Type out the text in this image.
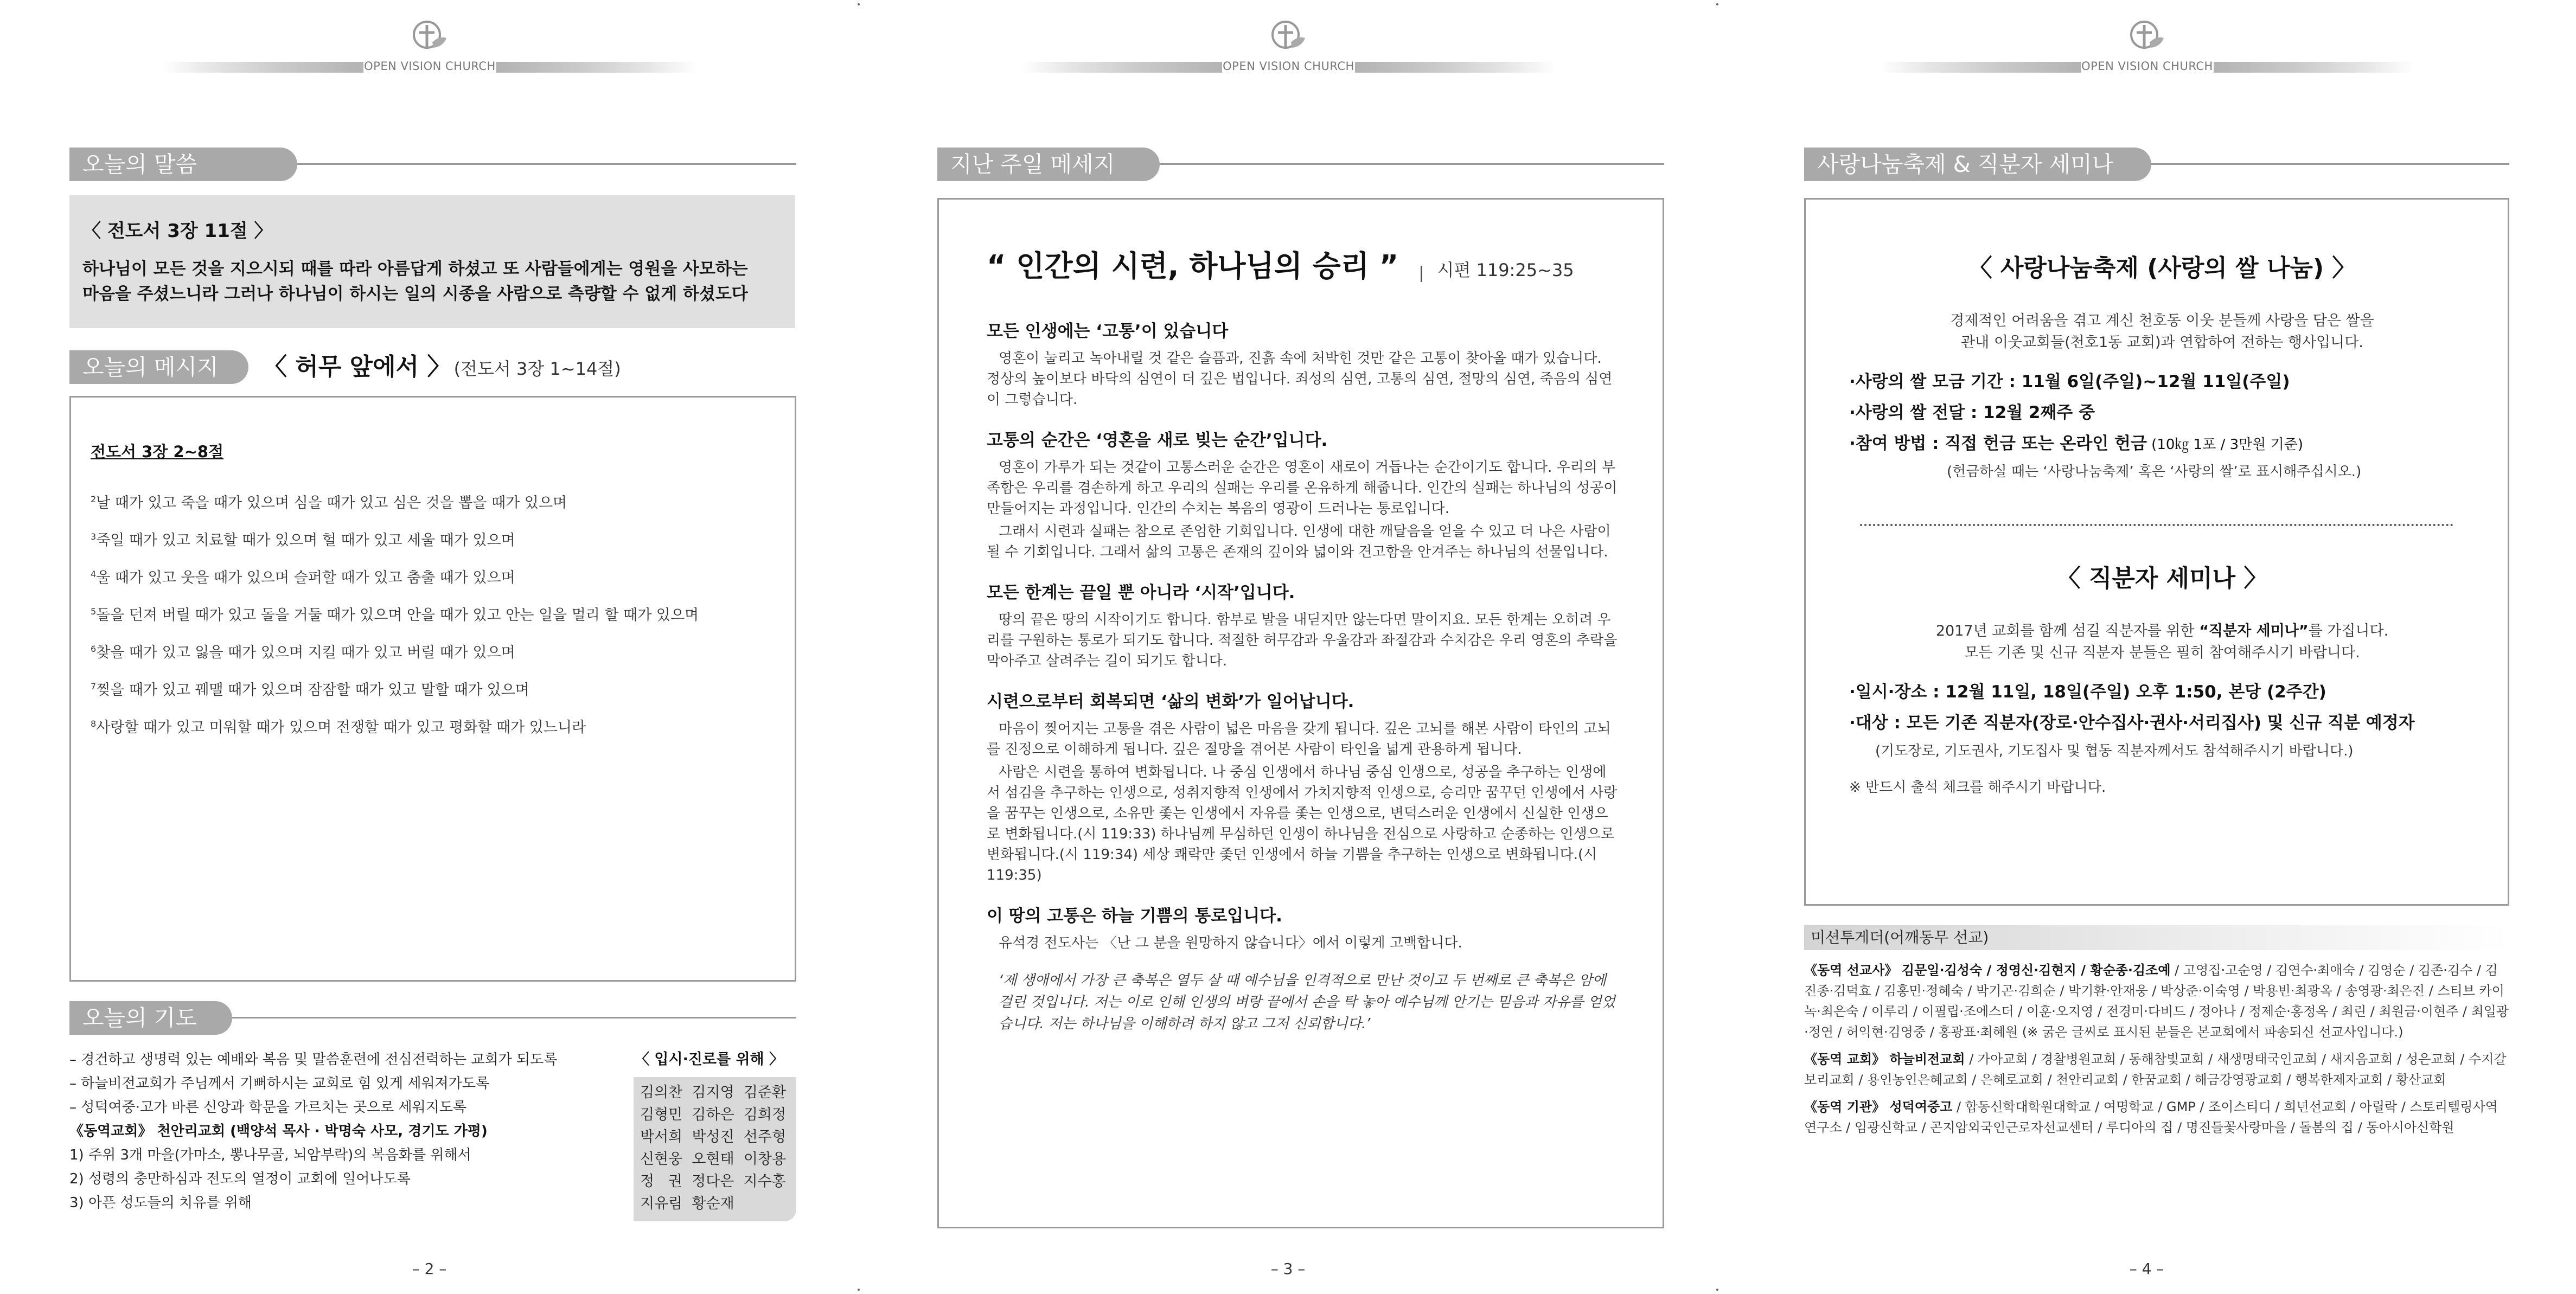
OPEN VISION CHURCH
오늘의 말씀
〈 전도서 3장 11절 〉
하나님이 모든 것을 지으시되 때를 따라 아름답게 하셨고 또 사람들에게는 영원을 사모하는
마음을 주셨느니라 그러나 하나님이 하시는 일의 시종을 사람으로 측량할 수 없게 하셨도다
오늘의 메시지	〈 허무 앞에서 〉 (전도서 3장 1~14절)
전도서 3장 2~8절
$^2$날 때가 있고 죽을 때가 있으며 심을 때가 있고 심은 것을 뽑을 때가 있으며
$^3$죽일 때가 있고 치료할 때가 있으며 헐 때가 있고 세울 때가 있으며
$^4$울 때가 있고 웃을 때가 있으며 슬퍼할 때가 있고 춤출 때가 있으며
$^5$돌을 던져 버릴 때가 있고 돌을 거둘 때가 있으며 안을 때가 있고 안는 일을 멀리 할 때가 있으며
$^6$찾을 때가 있고 잃을 때가 있으며 지킬 때가 있고 버릴 때가 있으며
$^7$찢을 때가 있고 꿰맬 때가 있으며 잠잠할 때가 있고 말할 때가 있으며
$^8$사랑할 때가 있고 미워할 때가 있으며 전쟁할 때가 있고 평화할 때가 있느니라
오늘의 기도
– 경건하고 생명력 있는 예배와 복음 및 말씀훈련에 전심전력하는 교회가 되도록
– 하늘비전교회가 주님께서 기뻐하시는 교회로 힘 있게 세워져가도록
– 성덕여중·고가 바른 신앙과 학문을 가르치는 곳으로 세워지도록
《동역교회》 천안리교회 (백양석 목사 · 박명숙 사모, 경기도 가평)
1) 주위 3개 마을(가마소, 뽕나무골, 뇌암부락)의 복음화를 위해서
2) 성령의 충만하심과 전도의 열정이 교회에 일어나도록
3) 아픈 성도들의 치유를 위해
〈 입시·진로를 위해 〉
김의찬  김지영  김준환
김형민  김하은  김희정
박서희  박성진  선주형
신현웅  오현태  이창용
정   권  정다은  지수홍
지유림  황순재
– 2 –
OPEN VISION CHURCH
지난 주일 메세지
“ 인간의 시련, 하나님의 승리 ” 시편 119:25~35
모든 인생에는 ‘고통’이 있습니다

영혼이 눌리고 녹아내릴 것 같은 슬픔과, 진흙 속에 처박힌 것만 같은 고통이 찾아올 때가 있습니다. 정상의 높이보다 바닥의 심연이 더 깊은 법입니다. 죄성의 심연, 고통의 심연, 절망의 심연, 죽음의 심연이 그렇습니다.

고통의 순간은 ‘영혼을 새로 빚는 순간’입니다.

영혼이 가루가 되는 것같이 고통스러운 순간은 영혼이 새로이 거듭나는 순간이기도 합니다. 우리의 부족함은 우리를 겸손하게 하고 우리의 실패는 우리를 온유하게 해줍니다. 인간의 실패는 하나님의 성공이 만들어지는 과정입니다. 인간의 수치는 복음의 영광이 드러나는 통로입니다.

그래서 시련과 실패는 참으로 존엄한 기회입니다. 인생에 대한 깨달음을 얻을 수 있고 더 나은 사람이 될 수 기회입니다. 그래서 삶의 고통은 존재의 깊이와 넓이와 견고함을 안겨주는 하나님의 선물입니다.

모든 한계는 끝일 뿐 아니라 ‘시작’입니다.

땅의 끝은 땅의 시작이기도 합니다. 함부로 발을 내딛지만 않는다면 말이지요. 모든 한계는 오히려 우리를 구원하는 통로가 되기도 합니다. 적절한 허무감과 우울감과 좌절감과 수치감은 우리 영혼의 추락을 막아주고 살려주는 길이 되기도 합니다.

시련으로부터 회복되면 ‘삶의 변화’가 일어납니다.

마음이 찢어지는 고통을 겪은 사람이 넓은 마음을 갖게 됩니다. 깊은 고뇌를 해본 사람이 타인의 고뇌를 진정으로 이해하게 됩니다. 깊은 절망을 겪어본 사람이 타인을 넓게 관용하게 됩니다.

사람은 시련을 통하여 변화됩니다. 나 중심 인생에서 하나님 중심 인생으로, 성공을 추구하는 인생에서 섬김을 추구하는 인생으로, 성취지향적 인생에서 가치지향적 인생으로, 승리만 꿈꾸던 인생에서 사랑을 꿈꾸는 인생으로, 소유만 좇는 인생에서 자유를 좇는 인생으로, 변덕스러운 인생에서 신실한 인생으로 변화됩니다.(시 119:33) 하나님께 무심하던 인생이 하나님을 전심으로 사랑하고 순종하는 인생으로 변화됩니다.(시 119:34) 세상 쾌락만 좇던 인생에서 하늘 기쁨을 추구하는 인생으로 변화됩니다.(시 119:35)

이 땅의 고통은 하늘 기쁨의 통로입니다.

유석경 전도사는 〈난 그 분을 원망하지 않습니다〉에서 이렇게 고백합니다.

‘제 생애에서 가장 큰 축복은 열두 살 때 예수님을 인격적으로 만난 것이고 두 번째로 큰 축복은 암에 걸린 것입니다. 저는 이로 인해 인생의 벼랑 끝에서 손을 탁 놓아 예수님께 안기는 믿음과 자유를 얻었습니다. 저는 하나님을 이해하려 하지 않고 그저 신뢰합니다.’

– 3 –
OPEN VISION CHURCH
사랑나눔축제 & 직분자 세미나
〈 사랑나눔축제 (사랑의 쌀 나눔) 〉
경제적인 어려움을 겪고 계신 천호동 이웃 분들께 사랑을 담은 쌀을
관내 이웃교회들(천호1동 교회)과 연합하여 전하는 행사입니다.
·사랑의 쌀 모금 기간 : 11월 6일(주일)~12월 11일(주일)
·사랑의 쌀 전달 : 12월 2째주 중
·참여 방법 : 직접 헌금 또는 온라인 헌금 (10㎏ 1포 / 3만원 기준)
(헌금하실 때는 ‘사랑나눔축제’ 혹은 ‘사랑의 쌀’로 표시해주십시오.)
〈 직분자 세미나 〉
2017년 교회를 함께 섬길 직분자를 위한 “직분자 세미나”를 가집니다.
모든 기존 및 신규 직분자 분들은 필히 참여해주시기 바랍니다.
·일시·장소 : 12월 11일, 18일(주일) 오후 1:50, 본당 (2주간)
·대상 : 모든 기존 직분자(장로·안수집사·권사·서리집사) 및 신규 직분 예정자
(기도장로, 기도권사, 기도집사 및 협동 직분자께서도 참석해주시기 바랍니다.)
※ 반드시 출석 체크를 해주시기 바랍니다.
미션투게더(어깨동무 선교)

《동역 선교사》 김문일·김성숙 / 정영신·김현지 / 황순종·김조예 / 고영집·고순영 / 김연수·최애숙 / 김영순 / 김존·김수 / 김진종·김덕효 / 김홍민·정혜숙 / 박기곤·김희순 / 박기환·안재웅 / 박상준·이숙영 / 박용빈·최광옥 / 송영광·최은진 / 스티브 카이녹·최은숙 / 이루리 / 이필립·조에스더 / 이훈·오지영 / 전경미·다비드 / 정아나 / 정제순·홍정옥 / 최린 / 최원금·이현주 / 최일광·정연 / 허익현·김영중 / 홍광표·최혜원 (※ 굵은 글씨로 표시된 분들은 본교회에서 파송되신 선교사입니다.)

《동역 교회》 하늘비전교회 / 가아교회 / 경찰병원교회 / 동해참빛교회 / 새생명태국인교회 / 새지음교회 / 성은교회 / 수지갈보리교회 / 용인농인은혜교회 / 은혜로교회 / 천안리교회 / 한꿈교회 / 해금강영광교회 / 행복한제자교회 / 황산교회

《동역 기관》 성덕여중고 / 합동신학대학원대학교 / 여명학교 / GMP / 조이스티디 / 희년선교회 / 아릴락 / 스토리텔링사역연구소 / 임광신학교 / 곤지암외국인근로자선교센터 / 루디아의 집 / 명진들꽃사랑마을 / 돌봄의 집 / 동아시아신학원

– 4 –
